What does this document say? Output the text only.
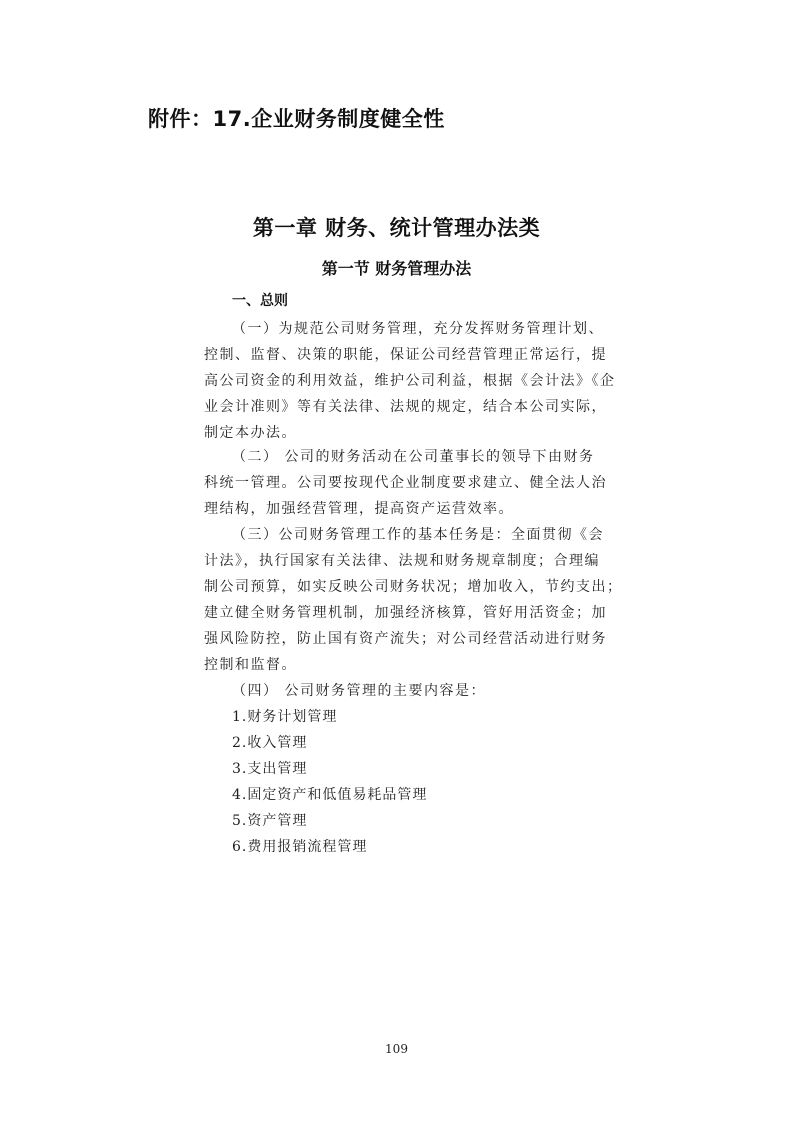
附件：17.企业财务制度健全性
第一章 财务、统计管理办法类
第一节 财务管理办法
一、总则
（一）为规范公司财务管理，充分发挥财务管理计划、
控制、监督、决策的职能，保证公司经营管理正常运行，提
高公司资金的利用效益，维护公司利益，根据《会计法》《企
业会计准则》等有关法律、法规的规定，结合本公司实际，
制定本办法。
（二） 公司的财务活动在公司董事长的领导下由财务
科统一管理。公司要按现代企业制度要求建立、健全法人治
理结构，加强经营管理，提高资产运营效率。
（三）公司财务管理工作的基本任务是：全面贯彻《会
计法》，执行国家有关法律、法规和财务规章制度；合理编
制公司预算，如实反映公司财务状况；增加收入，节约支出；
建立健全财务管理机制，加强经济核算，管好用活资金；加
强风险防控，防止国有资产流失；对公司经营活动进行财务
控制和监督。
（四） 公司财务管理的主要内容是：
1.财务计划管理
2.收入管理
3.支出管理
4.固定资产和低值易耗品管理
5.资产管理
6.费用报销流程管理
109
